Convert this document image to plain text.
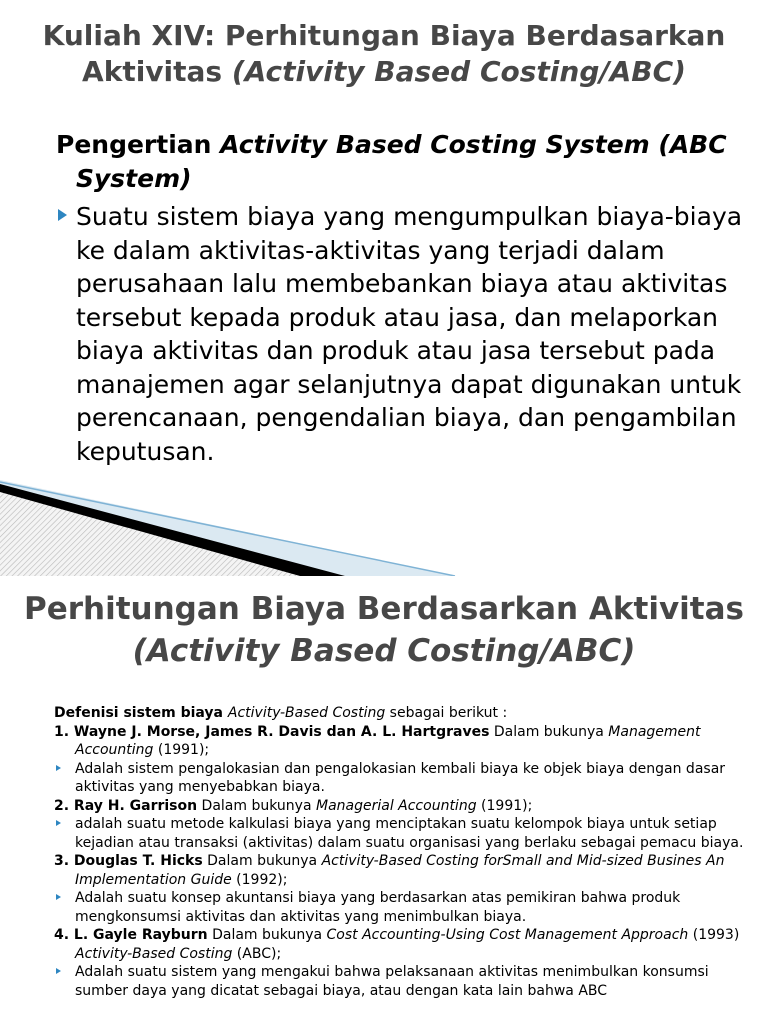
Kuliah XIV: Perhitungan Biaya Berdasarkan Aktivitas (Activity Based Costing/ABC)
Pengertian Activity Based Costing System (ABC System)
Suatu sistem biaya yang mengumpulkan biaya-biaya ke dalam aktivitas-aktivitas yang terjadi dalam perusahaan lalu membebankan biaya atau aktivitas tersebut kepada produk atau jasa, dan melaporkan biaya aktivitas dan produk atau jasa tersebut pada manajemen agar selanjutnya dapat digunakan untuk perencanaan, pengendalian biaya, dan pengambilan keputusan.
Perhitungan Biaya Berdasarkan Aktivitas (Activity Based Costing/ABC)

Defenisi sistem biaya Activity-Based Costing sebagai berikut :

1. Wayne J. Morse, James R. Davis dan A. L. Hartgraves Dalam bukunya Management Accounting (1991);

Adalah sistem pengalokasian dan pengalokasian kembali biaya ke objek biaya dengan dasar aktivitas yang menyebabkan biaya.

2. Ray H. Garrison Dalam bukunya Managerial Accounting (1991);

adalah suatu metode kalkulasi biaya yang menciptakan suatu kelompok biaya untuk setiap kejadian atau transaksi (aktivitas) dalam suatu organisasi yang berlaku sebagai pemacu biaya.

3. Douglas T. Hicks Dalam bukunya Activity-Based Costing forSmall and Mid-sized Busines An Implementation Guide (1992);

Adalah suatu konsep akuntansi biaya yang berdasarkan atas pemikiran bahwa produk mengkonsumsi aktivitas dan aktivitas yang menimbulkan biaya.

4. L. Gayle Rayburn Dalam bukunya Cost Accounting-Using Cost Management Approach (1993) Activity-Based Costing (ABC);

Adalah suatu sistem yang mengakui bahwa pelaksanaan aktivitas menimbulkan konsumsi sumber daya yang dicatat sebagai biaya, atau dengan kata lain bahwa ABC
